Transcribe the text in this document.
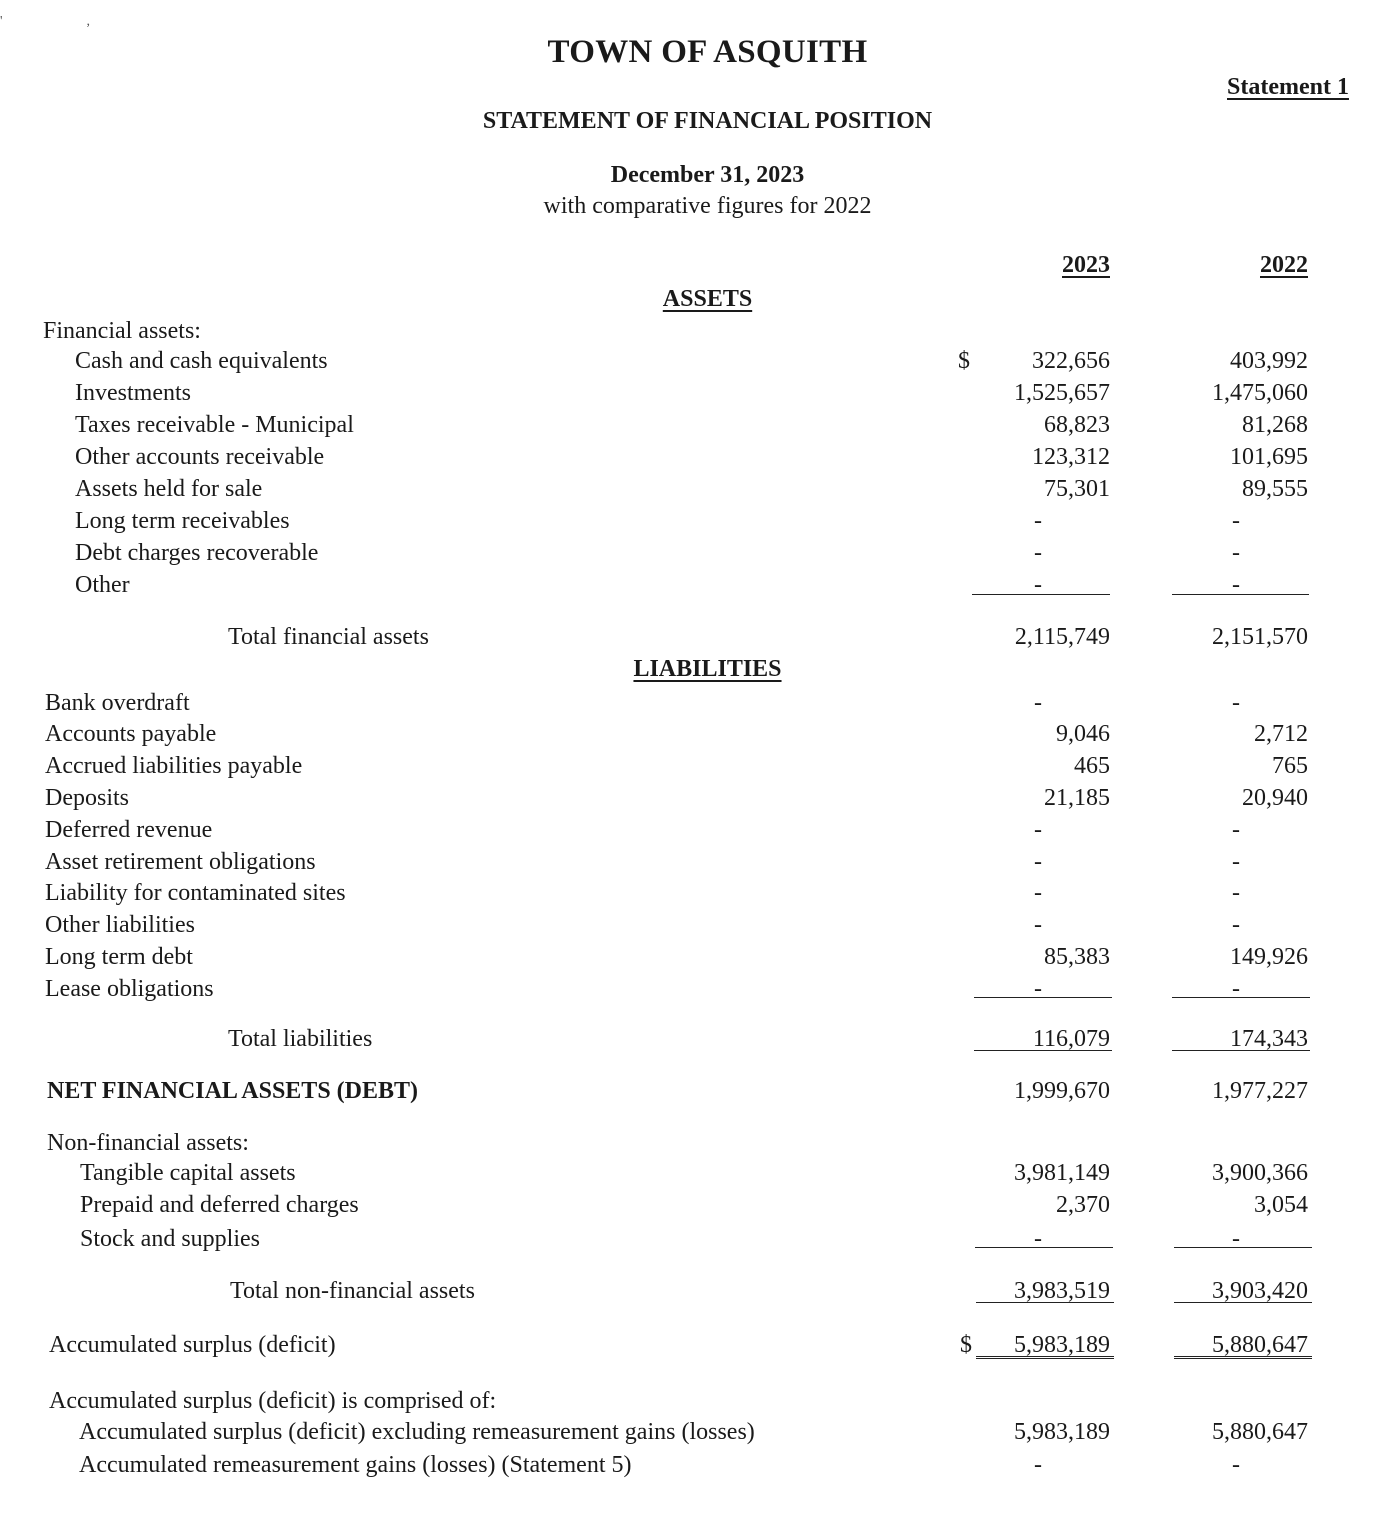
'                        ,
TOWN OF ASQUITH
Statement 1
STATEMENT OF FINANCIAL POSITION
December 31, 2023
with comparative figures for 2022
2023	2022
ASSETS
Financial assets:
Cash and cash equivalents	$	322,656	403,992
Investments	1,525,657	1,475,060
Taxes receivable - Municipal	68,823	81,268
Other accounts receivable	123,312	101,695
Assets held for sale	75,301	89,555
Long term receivables	-	-
Debt charges recoverable	-	-
Other	-	-
Total financial assets	2,115,749	2,151,570
LIABILITIES
Bank overdraft	-	-
Accounts payable	9,046	2,712
Accrued liabilities payable	465	765
Deposits	21,185	20,940
Deferred revenue	-	-
Asset retirement obligations	-	-
Liability for contaminated sites	-	-
Other liabilities	-	-
Long term debt	85,383	149,926
Lease obligations	-	-
Total liabilities	116,079	174,343
NET FINANCIAL ASSETS (DEBT)	1,999,670	1,977,227
Non-financial assets:
Tangible capital assets	3,981,149	3,900,366
Prepaid and deferred charges	2,370	3,054
Stock and supplies	-	-
Total non-financial assets	3,983,519	3,903,420
Accumulated surplus (deficit)	$	5,983,189	5,880,647
Accumulated surplus (deficit) is comprised of:
Accumulated surplus (deficit) excluding remeasurement gains (losses)	5,983,189	5,880,647
Accumulated remeasurement gains (losses) (Statement 5)	-	-
